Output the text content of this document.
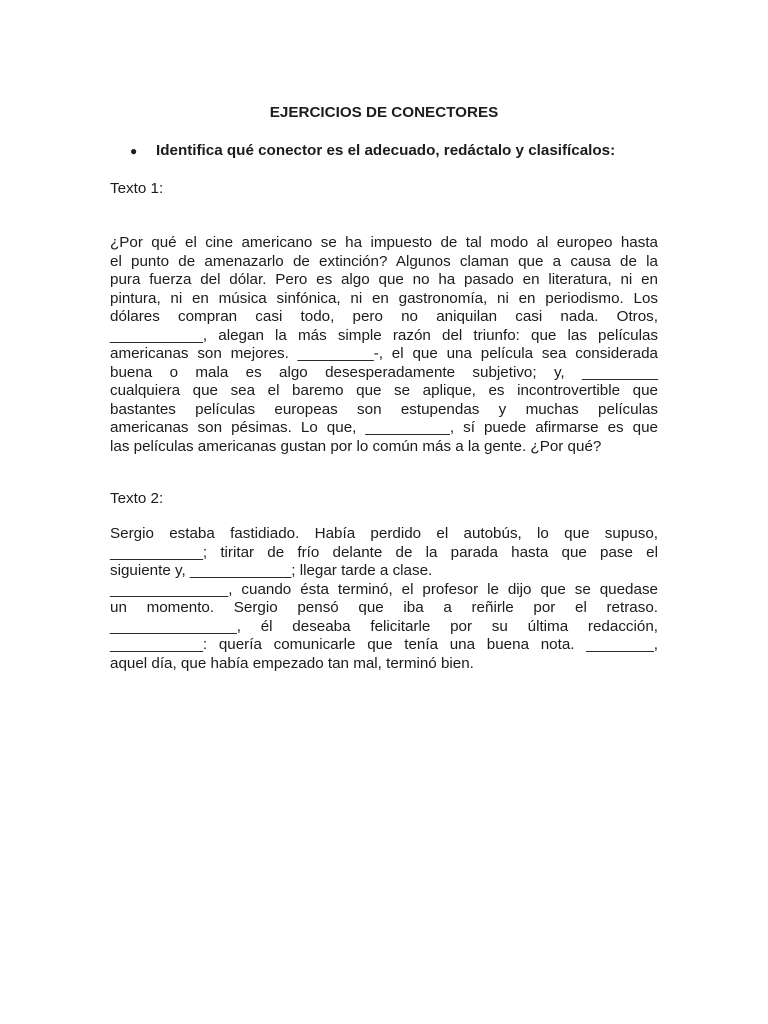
EJERCICIOS DE CONECTORES
●	Identifica qué conector es el adecuado, redáctalo y clasifícalos:

Texto 1:

¿Por qué el cine americano se ha impuesto de tal modo al europeo hasta
el punto de amenazarlo de extinción? Algunos claman que a causa de la
pura fuerza del dólar. Pero es algo que no ha pasado en literatura, ni en
pintura, ni en música sinfónica, ni en gastronomía, ni en periodismo. Los
dólares compran casi todo, pero no aniquilan casi nada. Otros,
___________, alegan la más simple razón del triunfo: que las películas
americanas son mejores. _________-, el que una película sea considerada
buena o mala es algo desesperadamente subjetivo; y, _________
cualquiera que sea el baremo que se aplique, es incontrovertible que
bastantes películas europeas son estupendas y muchas películas
americanas son pésimas. Lo que, __________, sí puede afirmarse es que
las películas americanas gustan por lo común más a la gente. ¿Por qué?

Texto 2:

Sergio estaba fastidiado. Había perdido el autobús, lo que supuso,
___________; tiritar de frío delante de la parada hasta que pase el
siguiente y, ____________; llegar tarde a clase.
______________, cuando ésta terminó, el profesor le dijo que se quedase
un momento. Sergio pensó que iba a reñirle por el retraso.
_______________, él deseaba felicitarle por su última redacción,
___________: quería comunicarle que tenía una buena nota. ________,
aquel día, que había empezado tan mal, terminó bien.
